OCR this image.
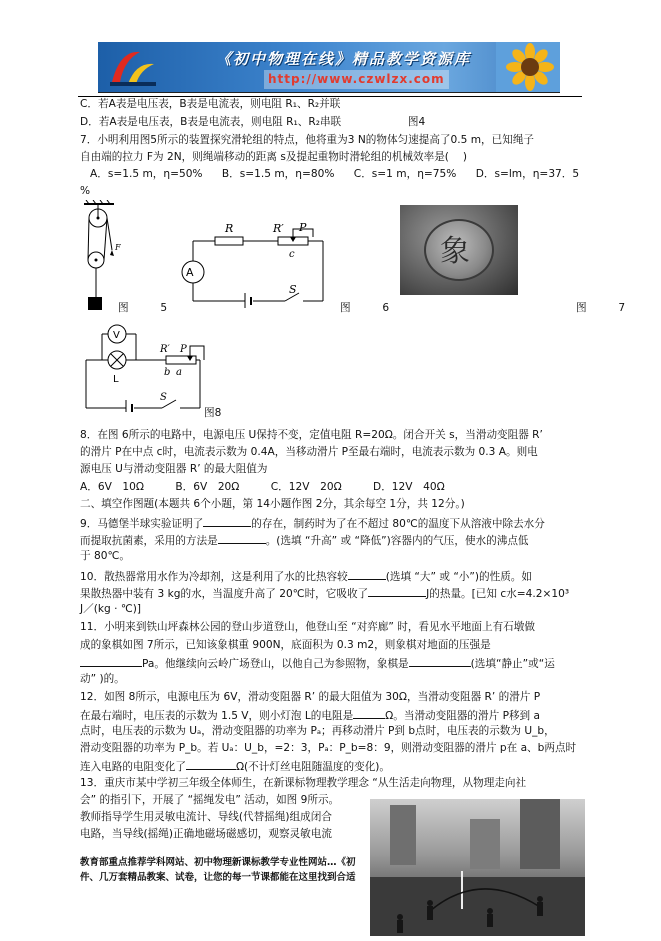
《初中物理在线》精品教学资源库
http://www.czwlzx.com
C．若A表是电压表，B表是电流表，则电阻 R₁、R₂并联
D．若A表是电压表，B表是电流表，则电阻 R₁、R₂串联	图4
7．小明利用图5所示的装置探究滑轮组的特点，他将重为3 N的物体匀速提高了0.5 m，已知绳子
自由端的拉力 F为 2N，则绳端移动的距离 s及提起重物时滑轮组的机械效率是(　 )
A．s=1.5 m，η=50% B．s=1.5 m，η=80% C．s=1 m，η=75% D．s=lm，η=37．5
%
F
图　　　5
A
R	R′ P
c
S
图　　　6
象
图　　　7
V
L
R′ P
b a
S
图8
8．在图 6所示的电路中，电源电压 U保持不变，定值电阻 R=20Ω。闭合开关 s，当滑动变阻器 R’
的滑片 P在中点 c时，电流表示数为 0.4A，当移动滑片 P至最右端时，电流表示数为 0.3 A。则电
源电压 U与滑动变阻器 R’ 的最大阻值为
A．6V　10Ω	B．6V　20Ω	C．12V　20Ω	D．12V　40Ω
二、填空作图题(本题共 6个小题，第 14小题作图 2分，其余每空 1分，共 12分。)
9．马德堡半球实验证明了	的存在，制药时为了在不超过 80℃的温度下从溶液中除去水分
而提取抗菌素，采用的方法是	。(选填 “升高” 或 “降低”)容器内的气压，使水的沸点低
于 80℃。
10．散热器常用水作为冷却剂，这是利用了水的比热容较	(选填 “大” 或 “小”)的性质。如
果散热器中装有 3 kg的水，当温度升高了 20℃时，它吸收了	J的热量。[已知 c水=4.2×10³
J／(kg · ℃)]
11．小明来到铁山坪森林公园的登山步道登山，他登山至 “对弈廊” 时，看见水平地面上有石墩做
成的象棋如图 7所示，已知该象棋重 900N，底面积为 0.3 m2，则象棋对地面的压强是
Pa。他继续向云岭广场登山，以他自己为参照物，象棋是	(选填“静止”或“运
动” )的。
12．如图 8所示，电源电压为 6V，滑动变阻器 R’ 的最大阻值为 30Ω，当滑动变阻器 R’ 的滑片 P
在最右端时，电压表的示数为 1.5 V，则小灯泡 L的电阻是	Ω。当滑动变阻器的滑片 P移到 a
点时，电压表的示数为 Uₐ，滑动变阻器的功率为 Pₐ；再移动滑片 P到 b点时，电压表的示数为 U_b，
滑动变阻器的功率为 P_b。若 Uₐ：U_b，=2：3，Pₐ：P_b=8：9，则滑动变阻器的滑片 p在 a、b两点时
连入电路的电阻变化了	Ω(不计灯丝电阻随温度的变化)。
13．重庆市某中学初三年级全体师生，在新课标物理教学理念 “从生活走向物理，从物理走向社
会” 的指引下，开展了 “摇绳发电” 活动，如图 9所示。
教师指导学生用灵敏电流计、导线(代替摇绳)组成闭合
电路，当导线(摇绳)正确地磁场磁感切，观察灵敏电流
教育部重点推荐学科网站、初中物理新课标教学专业性网站…《初
件、几万套精品教案、试卷，让您的每一节课都能在这里找到合适
